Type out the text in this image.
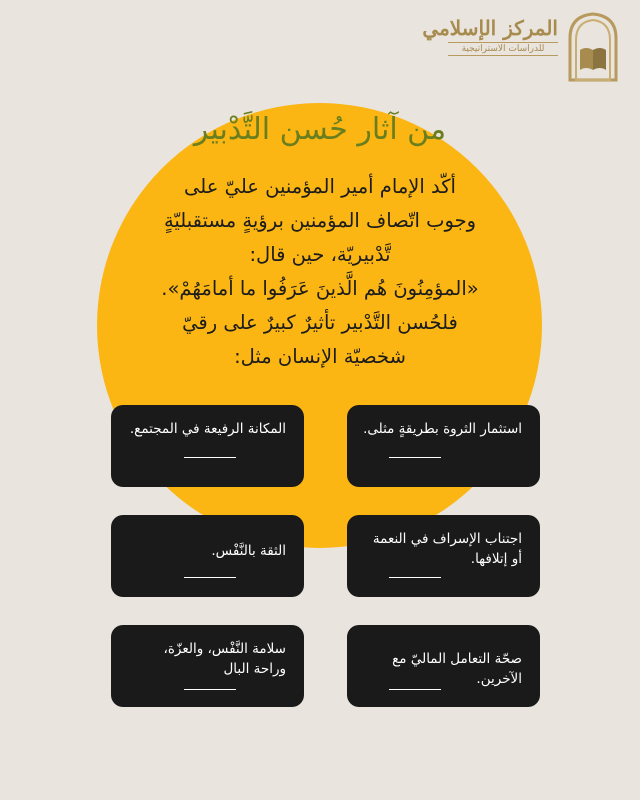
المركز الإسلامي
للدراسات الاستراتيجية
من آثار حُسن التَّدْبير
أكّد الإمام أمير المؤمنين عليّ على
وجوب اتّصاف المؤمنين برؤيةٍ مستقبليّةٍ
تَّدْبيريّة، حين قال:
«المؤمِنُونَ هُم الَّذينَ عَرَفُوا ما أمامَهُمْ».
فلحُسن التَّدْبير تأثيرٌ كبيرٌ على رقيّ
شخصيّة الإنسان مثل:
استثمار الثروة بطريقةٍ مثلى.
المكانة الرفيعة في المجتمع.
اجتناب الإسراف في النعمة
أو إتلافها.
الثقة بالنَّفْس.
صحّة التعامل الماليّ مع الآخرين.
سلامة النَّفْس، والعزّة،
وراحة البال
